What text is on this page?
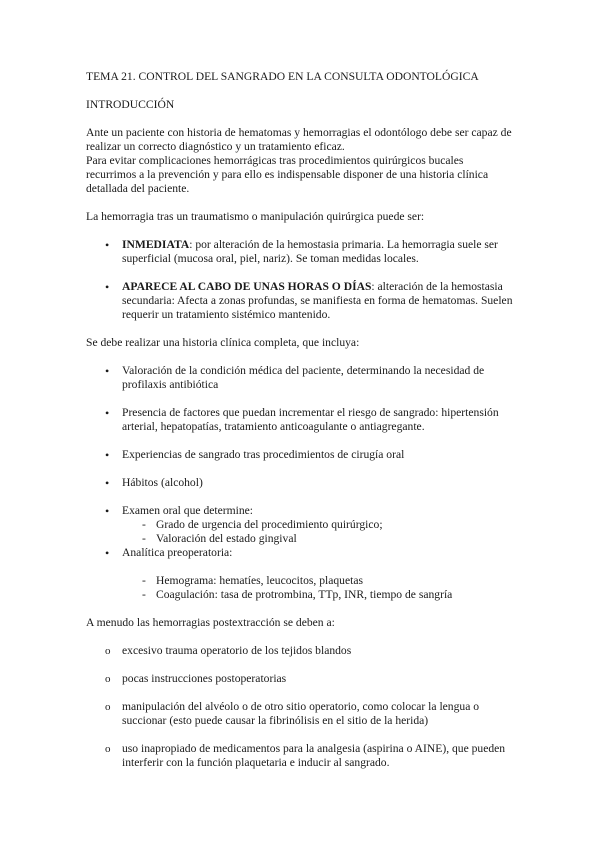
TEMA 21. CONTROL DEL SANGRADO EN LA CONSULTA ODONTOLÓGICA

INTRODUCCIÓN

Ante un paciente con historia de hematomas y hemorragias el odontólogo debe ser capaz de realizar un correcto diagnóstico y un tratamiento eficaz.

Para evitar complicaciones hemorrágicas tras procedimientos quirúrgicos bucales recurrimos a la prevención y para ello es indispensable disponer de una historia clínica detallada del paciente.

La hemorragia tras un traumatismo o manipulación quirúrgica puede ser:

•
INMEDIATA: por alteración de la hemostasia primaria. La hemorragia suele ser superficial (mucosa oral, piel, nariz). Se toman medidas locales.
•
APARECE AL CABO DE UNAS HORAS O DÍAS: alteración de la hemostasia secundaria: Afecta a zonas profundas, se manifiesta en forma de hematomas. Suelen requerir un tratamiento sistémico mantenido.

Se debe realizar una historia clínica completa, que incluya:

•
Valoración de la condición médica del paciente, determinando la necesidad de profilaxis antibiótica
•
Presencia de factores que puedan incrementar el riesgo de sangrado: hipertensión arterial, hepatopatías, tratamiento anticoagulante o antiagregante.
•
Experiencias de sangrado tras procedimientos de cirugía oral
•
Hábitos (alcohol)
•
Examen oral que determine:
- Grado de urgencia del procedimiento quirúrgico;
- Valoración del estado gingival
•
Analítica preoperatoria:
- Hemograma: hematíes, leucocitos, plaquetas
- Coagulación: tasa de protrombina, TTp, INR, tiempo de sangría

A menudo las hemorragias postextracción se deben a:

o
excesivo trauma operatorio de los tejidos blandos
o
pocas instrucciones postoperatorias
o
manipulación del alvéolo o de otro sitio operatorio, como colocar la lengua o succionar (esto puede causar la fibrinólisis en el sitio de la herida)
o
uso inapropiado de medicamentos para la analgesia (aspirina o AINE), que pueden interferir con la función plaquetaria e inducir al sangrado.
